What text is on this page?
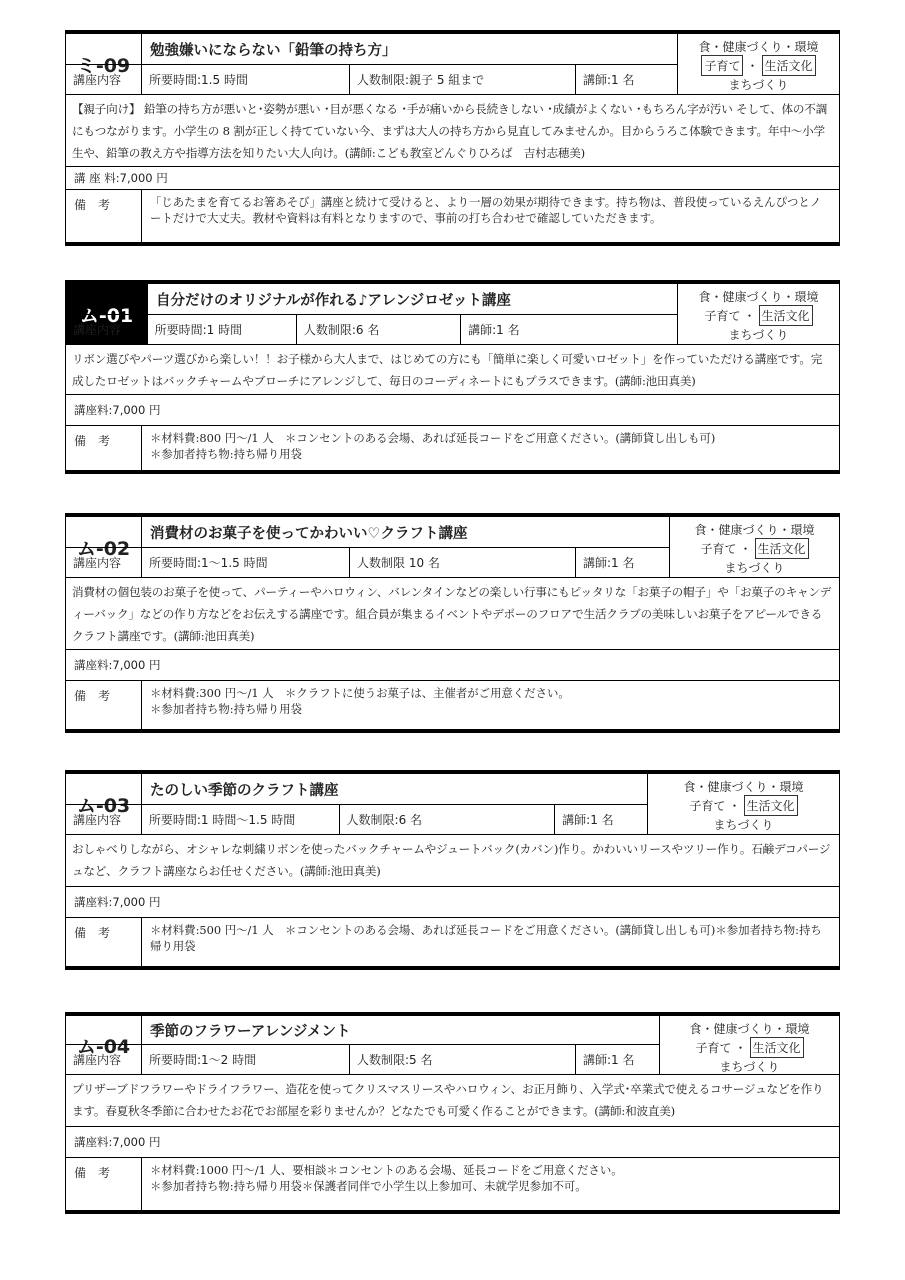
ミ-09
勉強嫌いにならない「鉛筆の持ち方」	食・健康づくり・環境
子育て ・ 生活文化
まちづくり
講座内容	所要時間:1.5 時間	人数制限:親子 5 組まで	講師:1 名
【親子向け】 鉛筆の持ち方が悪いと･姿勢が悪い ･目が悪くなる ･手が痛いから長続きしない ･成績がよくない ･もちろん字が汚い そして、体の不調にもつながります。小学生の 8 割が正しく持てていない今、まずは大人の持ち方から見直してみませんか。目からうろこ体験できます。年中～小学生や、鉛筆の教え方や指導方法を知りたい大人向け。(講師:こども教室どんぐりひろば　吉村志穂美)
講 座 料:7,000 円
備　考	「じあたまを育てるお箸あそび」講座と続けて受けると、より一層の効果が期待できます。持ち物は、普段使っているえんぴつとノートだけで大丈夫。教材や資料は有料となりますので、事前の打ち合わせで確認していただきます。
ム-01
自分だけのオリジナルが作れる♪アレンジロゼット講座	食・健康づくり・環境
子育て ・ 生活文化
まちづくり
講座内容	所要時間:1 時間	人数制限:6 名	講師:1 名
リボン選びやパーツ選びから楽しい！！お子様から大人まで、はじめての方にも「簡単に楽しく可愛いロゼット」を作っていただける講座です。完成したロゼットはバックチャームやブローチにアレンジして、毎日のコーディネートにもプラスできます。(講師:池田真美)
講座料:7,000 円
備　考	＊材料費:800 円～/1 人　＊コンセントのある会場、あれば延長コードをご用意ください。(講師貸し出しも可)
＊参加者持ち物:持ち帰り用袋
ム-02
消費材のお菓子を使ってかわいい♡クラフト講座	食・健康づくり・環境
子育て ・ 生活文化
まちづくり
講座内容	所要時間:1～1.5 時間	人数制限 10 名	講師:1 名
消費材の個包装のお菓子を使って、パーティーやハロウィン、バレンタインなどの楽しい行事にもピッタリな「お菓子の帽子」や「お菓子のキャンディーバック」などの作り方などをお伝えする講座です。組合員が集まるイベントやデポーのフロアで生活クラブの美味しいお菓子をアピールできるクラフト講座です。(講師:池田真美)
講座料:7,000 円
備　考	＊材料費:300 円～/1 人　＊クラフトに使うお菓子は、主催者がご用意ください。
＊参加者持ち物:持ち帰り用袋
ム-03
たのしい季節のクラフト講座	食・健康づくり・環境
子育て ・ 生活文化
まちづくり
講座内容	所要時間:1 時間～1.5 時間	人数制限:6 名	講師:1 名
おしゃべりしながら、オシャレな刺繍リボンを使ったバックチャームやジュートバック(カバン)作り。かわいいリースやツリー作り。石鹸デコパージュなど、クラフト講座ならお任せください。(講師:池田真美)
講座料:7,000 円
備　考	＊材料費:500 円～/1 人　＊コンセントのある会場、あれば延長コードをご用意ください。(講師貸し出しも可)＊参加者持ち物:持ち帰り用袋
ム-04
季節のフラワーアレンジメント	食・健康づくり・環境
子育て ・ 生活文化
まちづくり
講座内容	所要時間:1～2 時間	人数制限:5 名	講師:1 名
プリザーブドフラワーやドライフラワー、造花を使ってクリスマスリースやハロウィン、お正月飾り、入学式･卒業式で使えるコサージュなどを作ります。春夏秋冬季節に合わせたお花でお部屋を彩りませんか？どなたでも可愛く作ることができます。(講師:和波直美)
講座料:7,000 円
備　考	＊材料費:1000 円～/1 人、要相談＊コンセントのある会場、延長コードをご用意ください。
＊参加者持ち物:持ち帰り用袋＊保護者同伴で小学生以上参加可、未就学児参加不可。
